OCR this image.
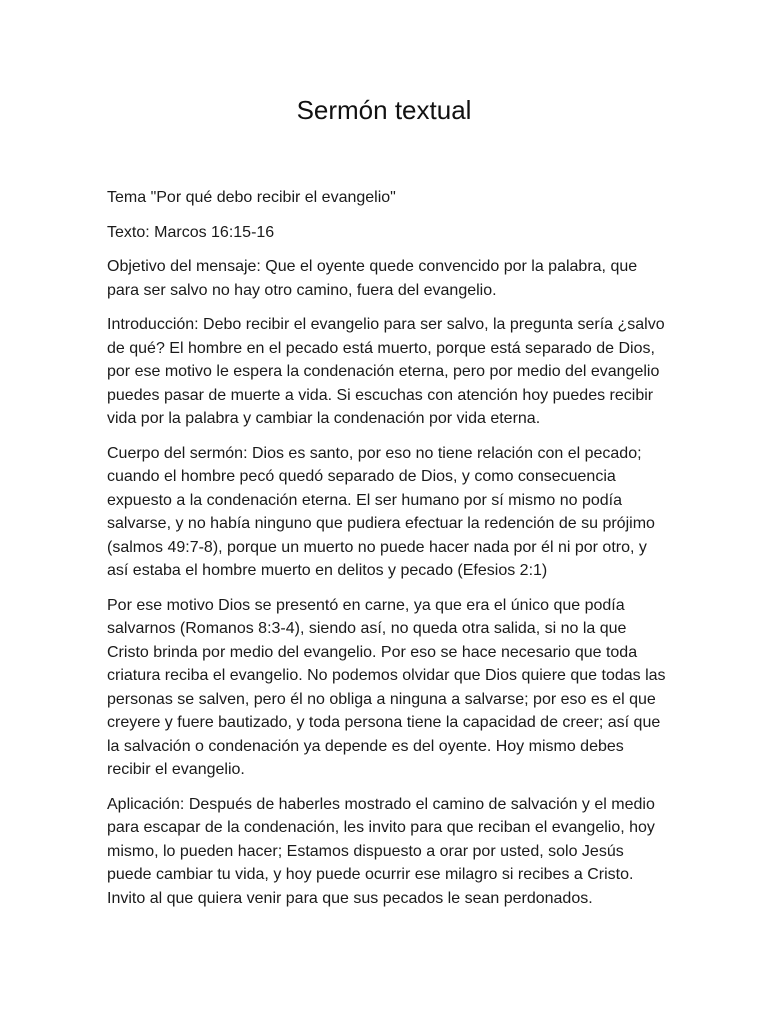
Sermón textual

Tema "Por qué debo recibir el evangelio"

Texto: Marcos 16:15-16

Objetivo del mensaje: Que el oyente quede convencido por la palabra, que para ser salvo no hay otro camino, fuera del evangelio.

Introducción: Debo recibir el evangelio para ser salvo, la pregunta sería ¿salvo de qué? El hombre en el pecado está muerto, porque está separado de Dios, por ese motivo le espera la condenación eterna, pero por medio del evangelio puedes pasar de muerte a vida. Si escuchas con atención hoy puedes recibir vida por la palabra y cambiar la condenación por vida eterna.

Cuerpo del sermón: Dios es santo, por eso no tiene relación con el pecado; cuando el hombre pecó quedó separado de Dios, y como consecuencia expuesto a la condenación eterna. El ser humano por sí mismo no podía salvarse, y no había ninguno que pudiera efectuar la redención de su prójimo (salmos 49:7-8), porque un muerto no puede hacer nada por él ni por otro, y así estaba el hombre muerto en delitos y pecado (Efesios 2:1)

Por ese motivo Dios se presentó en carne, ya que era el único que podía salvarnos (Romanos 8:3-4), siendo así, no queda otra salida, si no la que Cristo brinda por medio del evangelio. Por eso se hace necesario que toda criatura reciba el evangelio. No podemos olvidar que Dios quiere que todas las personas se salven, pero él no obliga a ninguna a salvarse; por eso es el que creyere y fuere bautizado, y toda persona tiene la capacidad de creer; así que la salvación o condenación ya depende es del oyente. Hoy mismo debes recibir el evangelio.

Aplicación: Después de haberles mostrado el camino de salvación y el medio para escapar de la condenación, les invito para que reciban el evangelio, hoy mismo, lo pueden hacer; Estamos dispuesto a orar por usted, solo Jesús puede cambiar tu vida, y hoy puede ocurrir ese milagro si recibes a Cristo. Invito al que quiera venir para que sus pecados le sean perdonados.
